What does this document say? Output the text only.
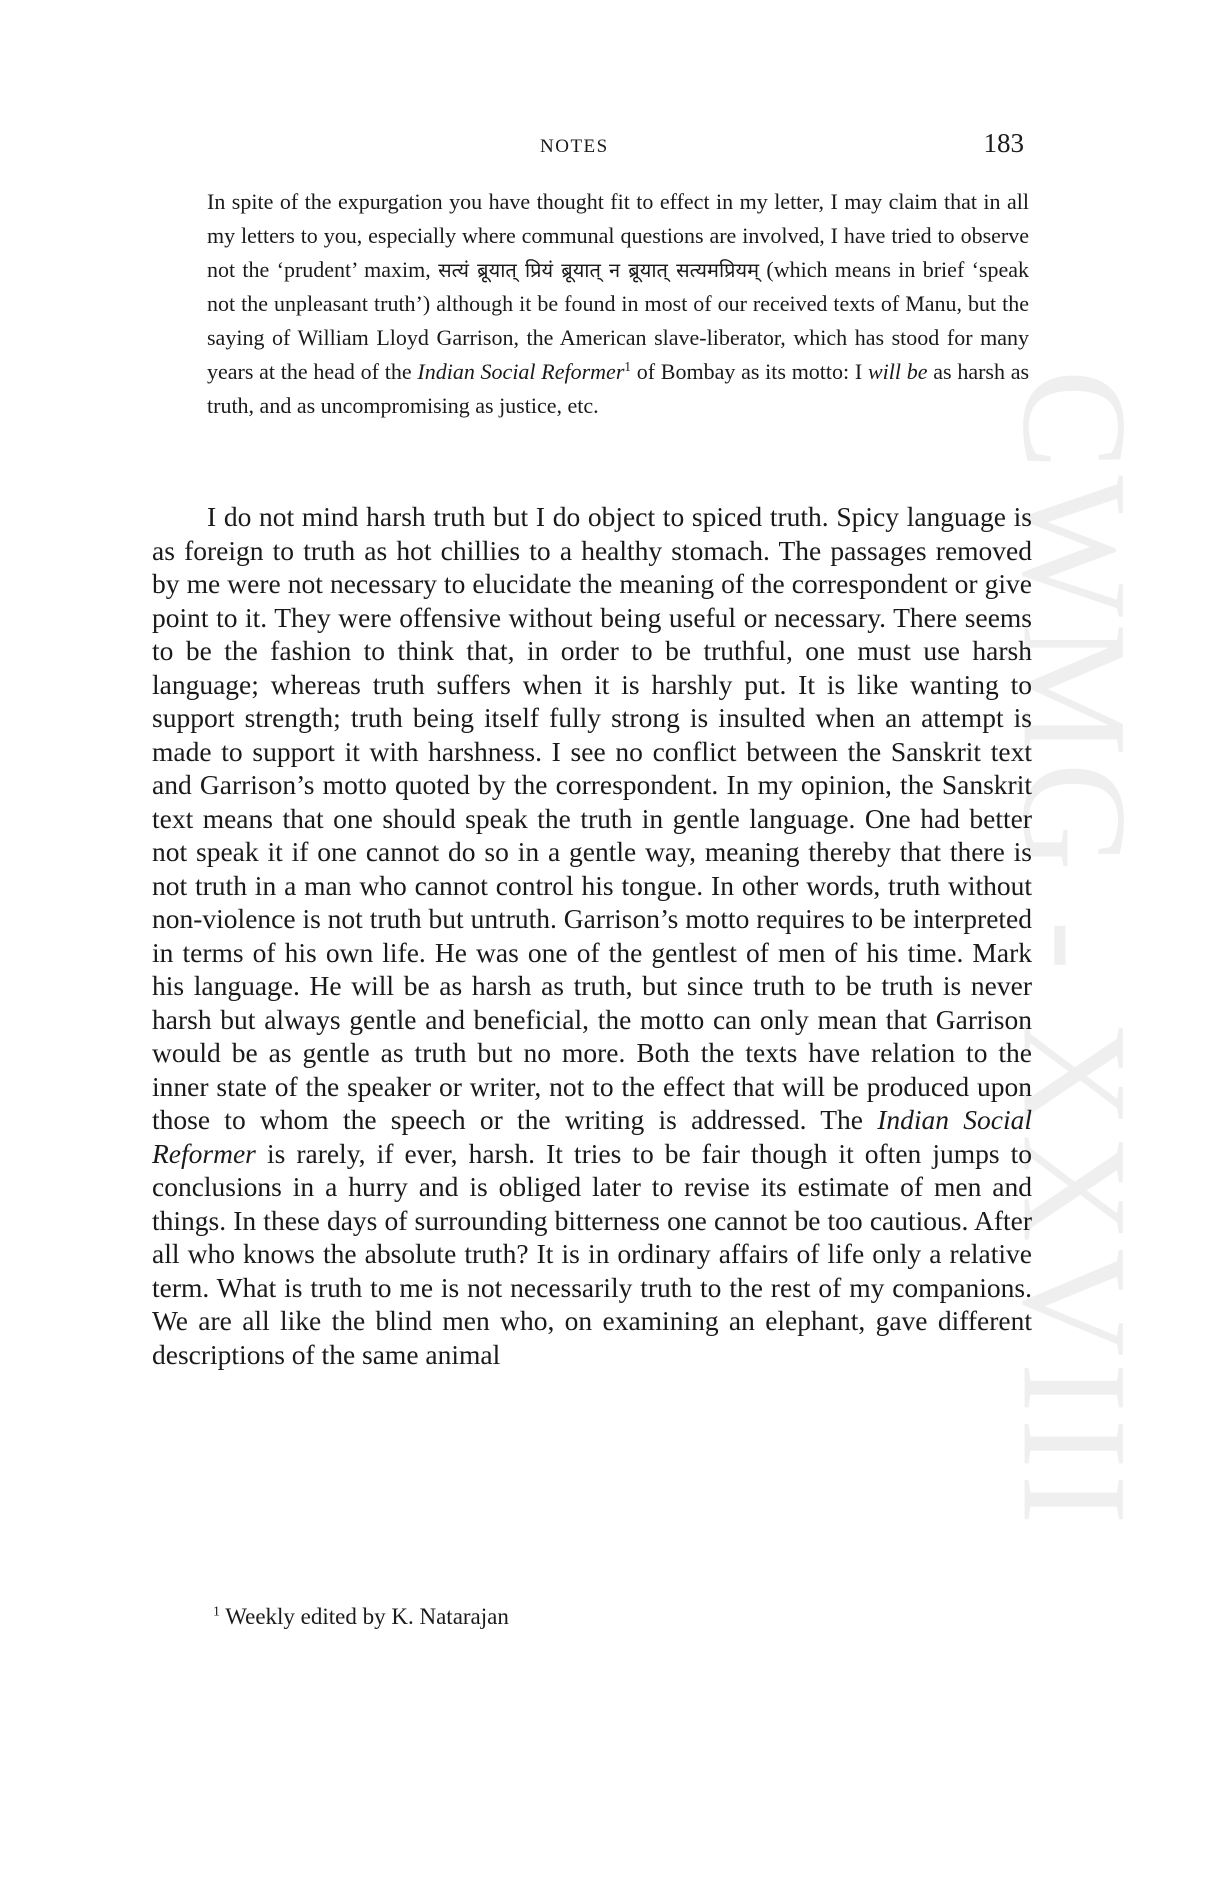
CWMG - XXVIII
NOTES	183

In spite of the expurgation you have thought fit to effect in my letter, I may claim that in all my letters to you, especially where communal questions are involved, I have tried to observe not the ‘prudent’ maxim, सत्यं ब्रूयात् प्रियं ब्रूयात् न ब्रूयात् सत्यमप्रियम् (which means in brief ‘speak not the unpleasant truth’) although it be found in most of our received texts of Manu, but the saying of William Lloyd Garrison, the American slave-liberator, which has stood for many years at the head of the Indian Social Reformer$^1$ of Bombay as its motto: I will be as harsh as truth, and as uncompromising as justice, etc.

I do not mind harsh truth but I do object to spiced truth. Spicy language is as foreign to truth as hot chillies to a healthy stomach. The passages removed by me were not necessary to elucidate the meaning of the correspondent or give point to it. They were offensive without being useful or necessary. There seems to be the fashion to think that, in order to be truthful, one must use harsh language; whereas truth suffers when it is harshly put. It is like wanting to support strength; truth being itself fully strong is insulted when an attempt is made to support it with harshness. I see no conflict between the Sanskrit text and Garrison’s motto quoted by the correspondent. In my opinion, the Sanskrit text means that one should speak the truth in gentle language. One had better not speak it if one cannot do so in a gentle way, meaning thereby that there is not truth in a man who cannot control his tongue. In other words, truth without non-violence is not truth but untruth. Garrison’s motto requires to be interpreted in terms of his own life. He was one of the gentlest of men of his time. Mark his language. He will be as harsh as truth, but since truth to be truth is never harsh but always gentle and beneficial, the motto can only mean that Garrison would be as gentle as truth but no more. Both the texts have relation to the inner state of the speaker or writer, not to the effect that will be produced upon those to whom the speech or the writing is addressed. The Indian Social Reformer is rarely, if ever, harsh. It tries to be fair though it often jumps to conclusions in a hurry and is obliged later to revise its estimate of men and things. In these days of surrounding bitterness one cannot be too cautious. After all who knows the absolute truth? It is in ordinary affairs of life only a relative term. What is truth to me is not necessarily truth to the rest of my companions. We are all like the blind men who, on examining an elephant, gave different descriptions of the same animal

$^1$ Weekly edited by K. Natarajan
